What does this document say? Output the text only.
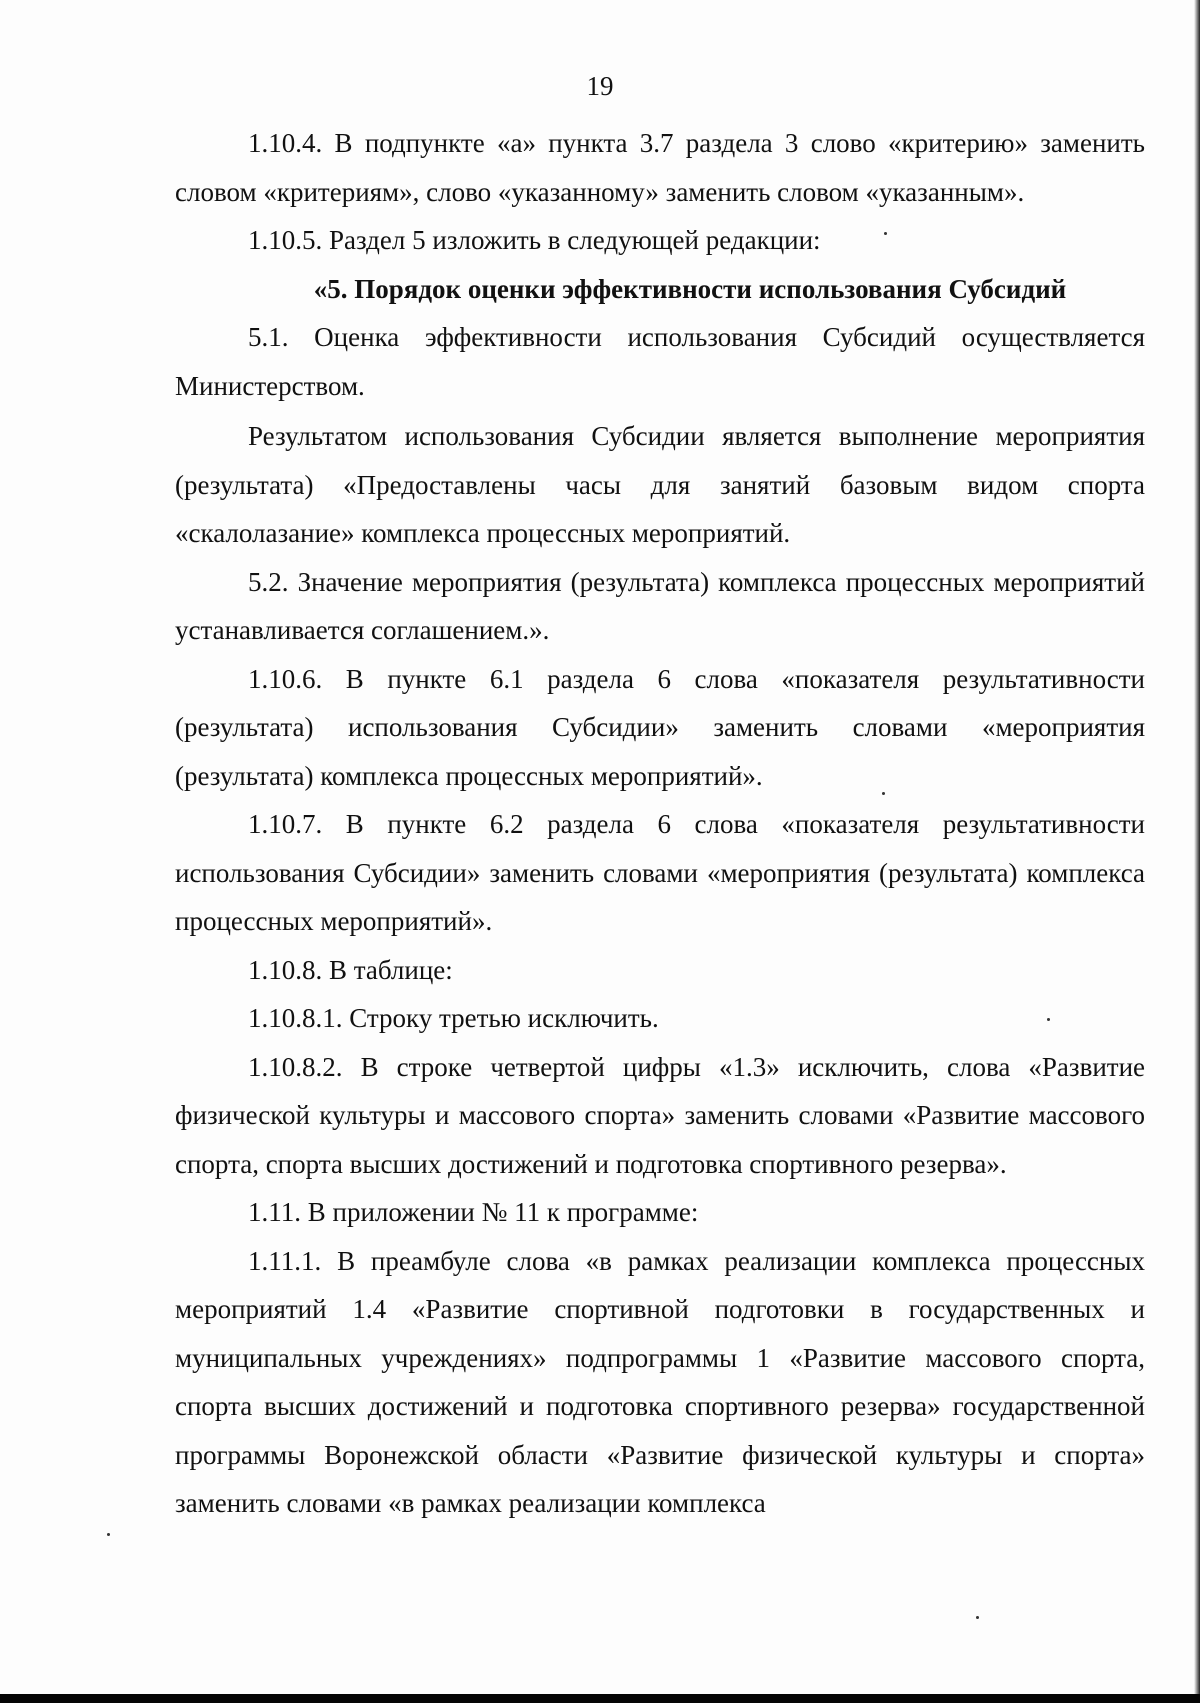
19

1.10.4. В подпункте «а» пункта 3.7 раздела 3 слово «критерию» заменить словом «критериям», слово «указанному» заменить словом «указанным».

1.10.5. Раздел 5 изложить в следующей редакции:

«5. Порядок оценки эффективности использования Субсидий

5.1. Оценка эффективности использования Субсидий осуществляется Министерством.

Результатом использования Субсидии является выполнение мероприятия (результата) «Предоставлены часы для занятий базовым видом спорта «скалолазание» комплекса процессных мероприятий.

5.2. Значение мероприятия (результата) комплекса процессных мероприятий устанавливается соглашением.».

1.10.6. В пункте 6.1 раздела 6 слова «показателя результативности (результата) использования Субсидии» заменить словами «мероприятия (результата) комплекса процессных мероприятий».

1.10.7. В пункте 6.2 раздела 6 слова «показателя результативности использования Субсидии» заменить словами «мероприятия (результата) комплекса процессных мероприятий».

1.10.8. В таблице:

1.10.8.1. Строку третью исключить.

1.10.8.2. В строке четвертой цифры «1.3» исключить, слова «Развитие физической культуры и массового спорта» заменить словами «Развитие массового спорта, спорта высших достижений и подготовка спортивного резерва».

1.11. В приложении № 11 к программе:

1.11.1. В преамбуле слова «в рамках реализации комплекса процессных мероприятий 1.4 «Развитие спортивной подготовки в государственных и муниципальных учреждениях» подпрограммы 1 «Развитие массового спорта, спорта высших достижений и подготовка спортивного резерва» государственной программы Воронежской области «Развитие физической культуры и спорта» заменить словами «в рамках реализации комплекса
